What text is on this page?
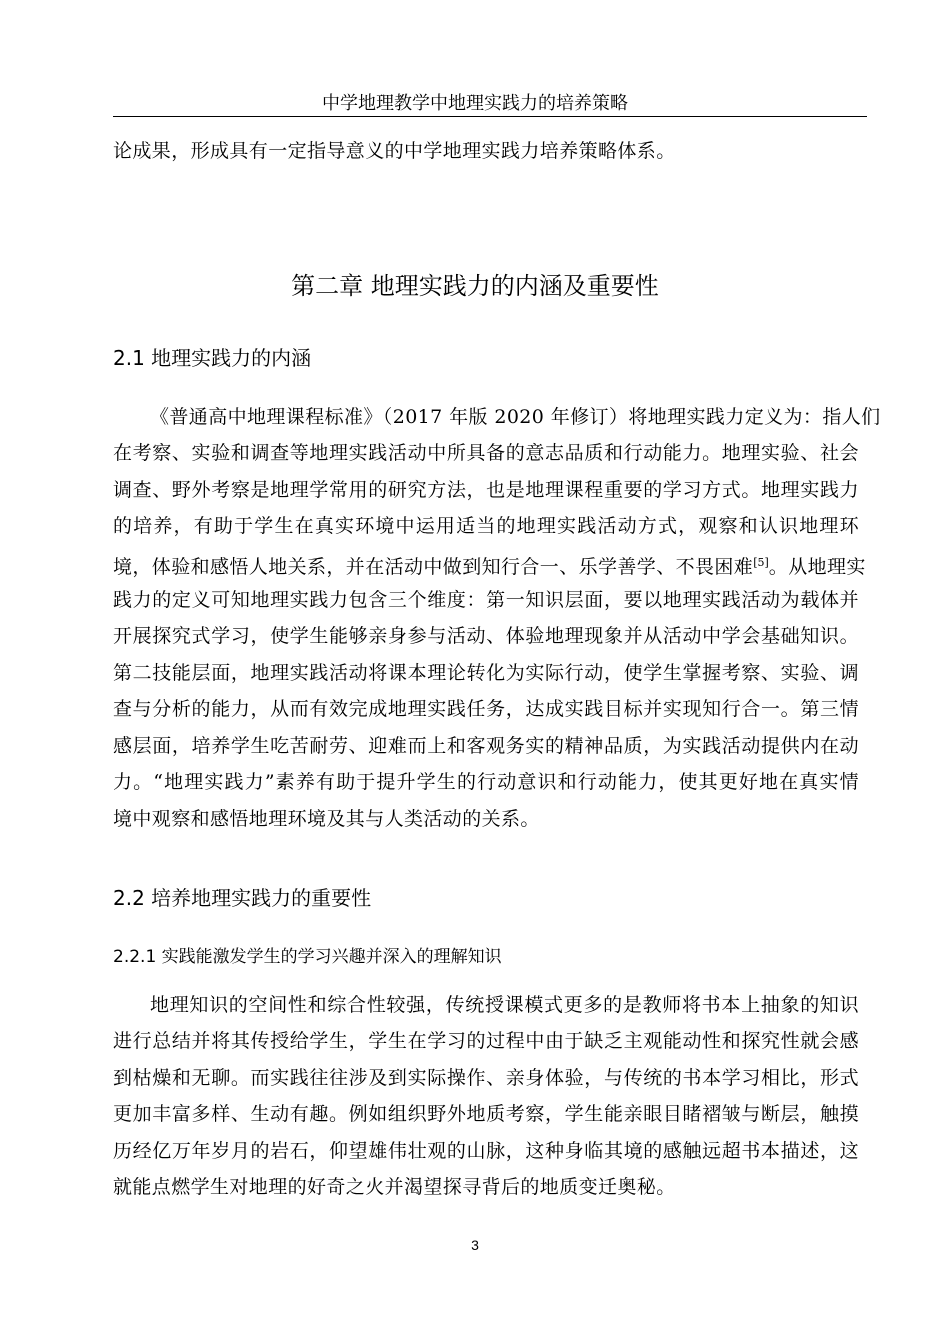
中学地理教学中地理实践力的培养策略
论成果，形成具有一定指导意义的中学地理实践力培养策略体系。
第二章 地理实践力的内涵及重要性
2.1 地理实践力的内涵
《普通高中地理课程标准》（2017 年版 2020 年修订）将地理实践力定义为：指人们
在考察、实验和调查等地理实践活动中所具备的意志品质和行动能力。地理实验、社会
调查、野外考察是地理学常用的研究方法，也是地理课程重要的学习方式。地理实践力
的培养，有助于学生在真实环境中运用适当的地理实践活动方式，观察和认识地理环
境，体验和感悟人地关系，并在活动中做到知行合一、乐学善学、不畏困难[5]。从地理实
践力的定义可知地理实践力包含三个维度：第一知识层面，要以地理实践活动为载体并
开展探究式学习，使学生能够亲身参与活动、体验地理现象并从活动中学会基础知识。
第二技能层面，地理实践活动将课本理论转化为实际行动，使学生掌握考察、实验、调
查与分析的能力，从而有效完成地理实践任务，达成实践目标并实现知行合一。第三情
感层面，培养学生吃苦耐劳、迎难而上和客观务实的精神品质，为实践活动提供内在动
力。“地理实践力”素养有助于提升学生的行动意识和行动能力，使其更好地在真实情
境中观察和感悟地理环境及其与人类活动的关系。
2.2 培养地理实践力的重要性
2.2.1 实践能激发学生的学习兴趣并深入的理解知识
地理知识的空间性和综合性较强，传统授课模式更多的是教师将书本上抽象的知识
进行总结并将其传授给学生，学生在学习的过程中由于缺乏主观能动性和探究性就会感
到枯燥和无聊。而实践往往涉及到实际操作、亲身体验，与传统的书本学习相比，形式
更加丰富多样、生动有趣。例如组织野外地质考察，学生能亲眼目睹褶皱与断层，触摸
历经亿万年岁月的岩石，仰望雄伟壮观的山脉，这种身临其境的感触远超书本描述，这
就能点燃学生对地理的好奇之火并渴望探寻背后的地质变迁奥秘。
3
